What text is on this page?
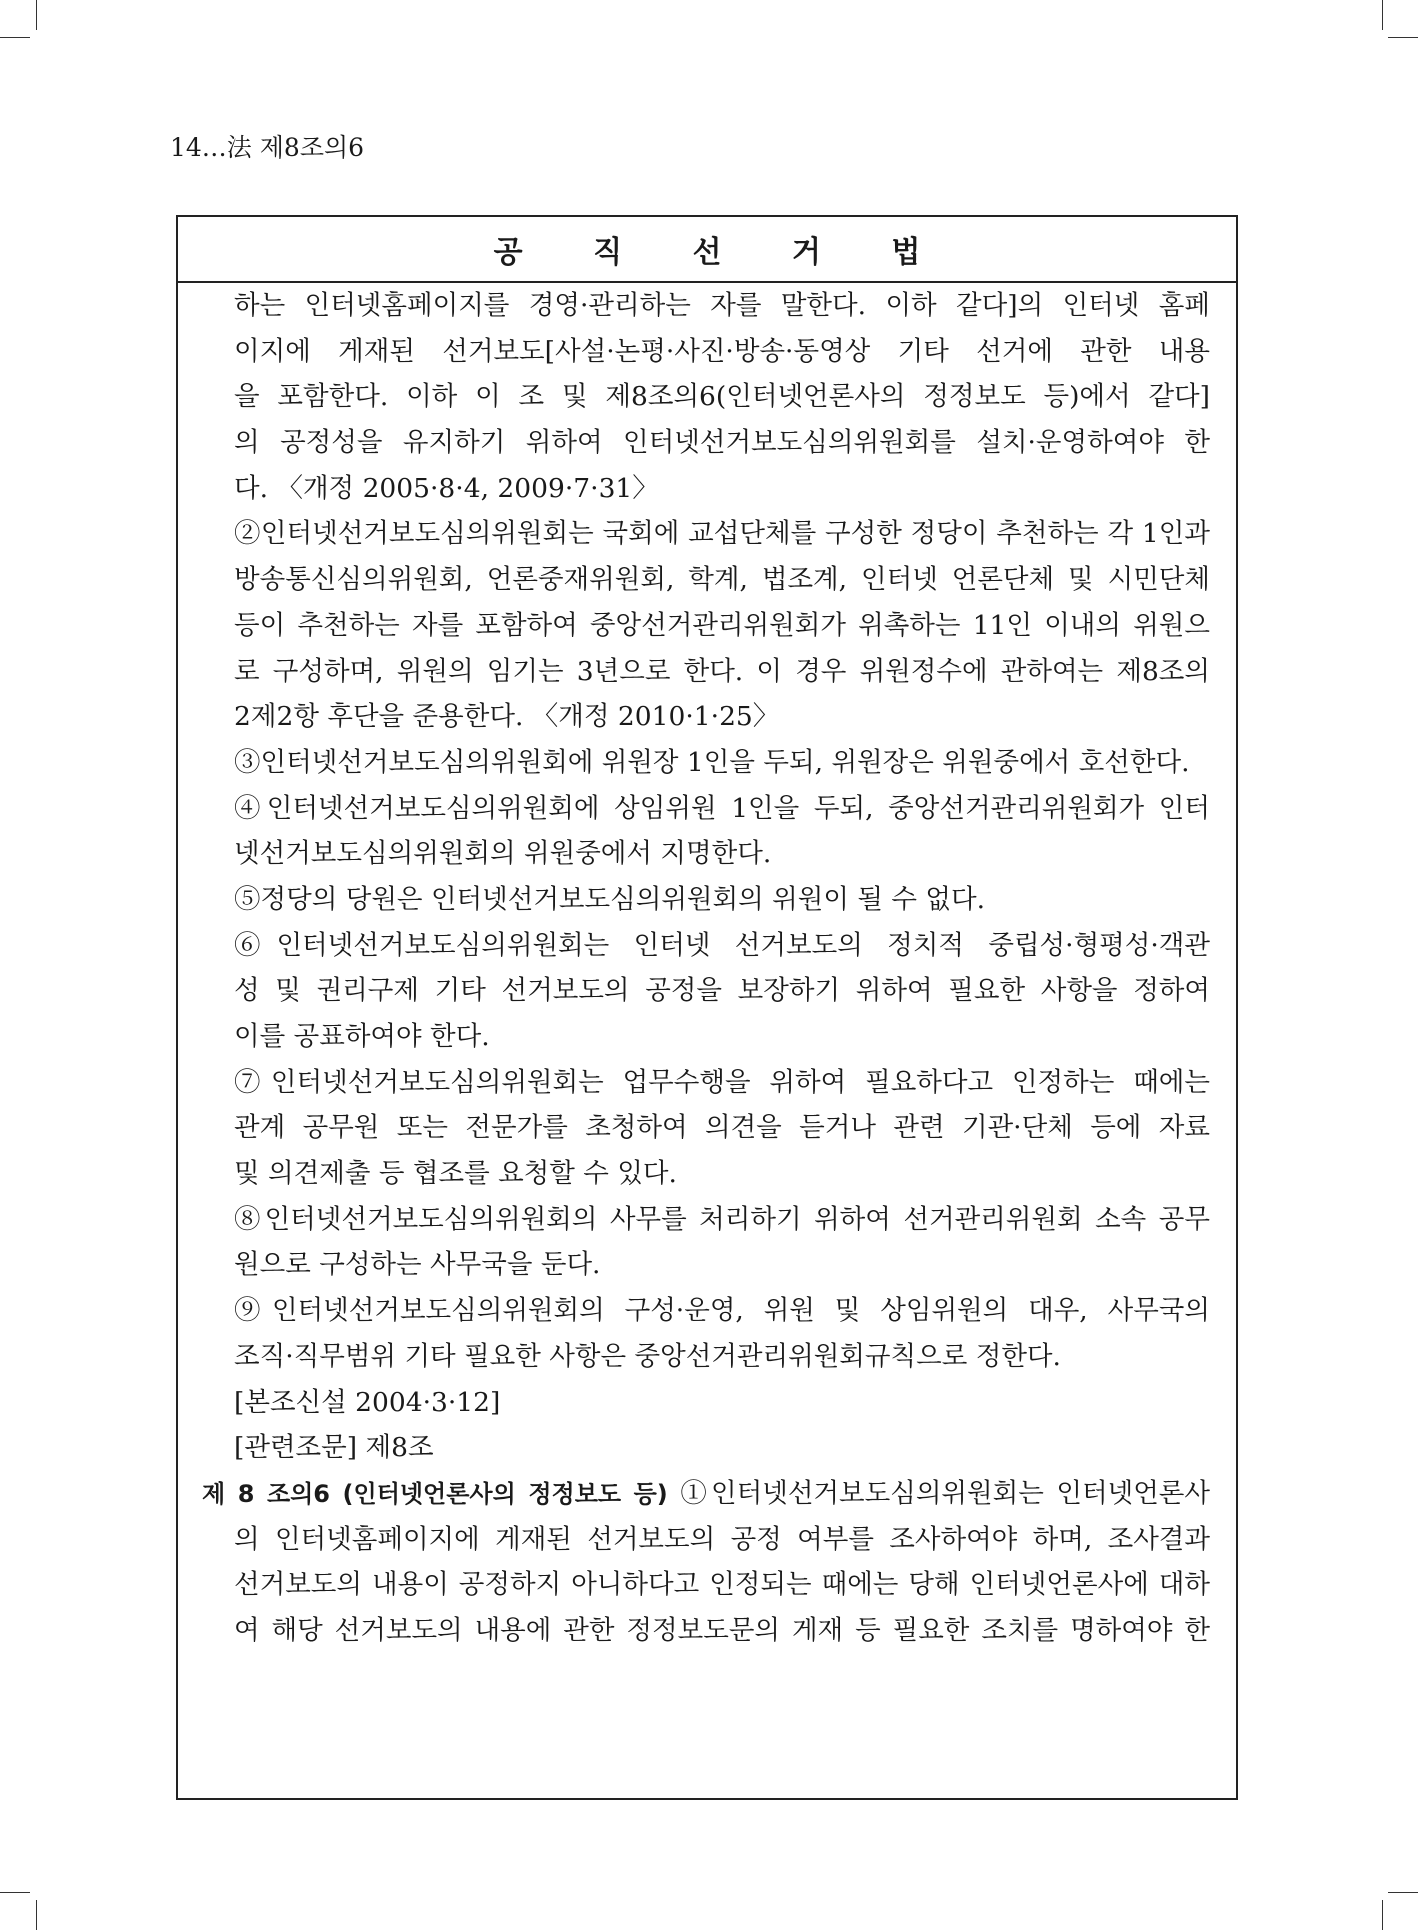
14…法 제8조의6
공 직 선 거 법
하는 인터넷홈페이지를 경영·관리하는 자를 말한다. 이하 같다]의 인터넷 홈페
이지에 게재된 선거보도[사설·논평·사진·방송·동영상 기타 선거에 관한 내용
을 포함한다. 이하 이 조 및 제8조의6(인터넷언론사의 정정보도 등)에서 같다]
의 공정성을 유지하기 위하여 인터넷선거보도심의위원회를 설치·운영하여야 한
다. 〈개정 2005·8·4, 2009·7·31〉
②인터넷선거보도심의위원회는 국회에 교섭단체를 구성한 정당이 추천하는 각 1인과
방송통신심의위원회, 언론중재위원회, 학계, 법조계, 인터넷 언론단체 및 시민단체
등이 추천하는 자를 포함하여 중앙선거관리위원회가 위촉하는 11인 이내의 위원으
로 구성하며, 위원의 임기는 3년으로 한다. 이 경우 위원정수에 관하여는 제8조의
2제2항 후단을 준용한다. 〈개정 2010·1·25〉
③인터넷선거보도심의위원회에 위원장 1인을 두되, 위원장은 위원중에서 호선한다.
④인터넷선거보도심의위원회에 상임위원 1인을 두되, 중앙선거관리위원회가 인터
넷선거보도심의위원회의 위원중에서 지명한다.
⑤정당의 당원은 인터넷선거보도심의위원회의 위원이 될 수 없다.
⑥인터넷선거보도심의위원회는 인터넷 선거보도의 정치적 중립성·형평성·객관
성 및 권리구제 기타 선거보도의 공정을 보장하기 위하여 필요한 사항을 정하여
이를 공표하여야 한다.
⑦인터넷선거보도심의위원회는 업무수행을 위하여 필요하다고 인정하는 때에는
관계 공무원 또는 전문가를 초청하여 의견을 듣거나 관련 기관·단체 등에 자료
및 의견제출 등 협조를 요청할 수 있다.
⑧인터넷선거보도심의위원회의 사무를 처리하기 위하여 선거관리위원회 소속 공무
원으로 구성하는 사무국을 둔다.
⑨인터넷선거보도심의위원회의 구성·운영, 위원 및 상임위원의 대우, 사무국의
조직·직무범위 기타 필요한 사항은 중앙선거관리위원회규칙으로 정한다.
[본조신설 2004·3·12]
[관련조문] 제8조
제 8 조의6 (인터넷언론사의 정정보도 등) ①인터넷선거보도심의위원회는 인터넷언론사
의 인터넷홈페이지에 게재된 선거보도의 공정 여부를 조사하여야 하며, 조사결과
선거보도의 내용이 공정하지 아니하다고 인정되는 때에는 당해 인터넷언론사에 대하
여 해당 선거보도의 내용에 관한 정정보도문의 게재 등 필요한 조치를 명하여야 한
